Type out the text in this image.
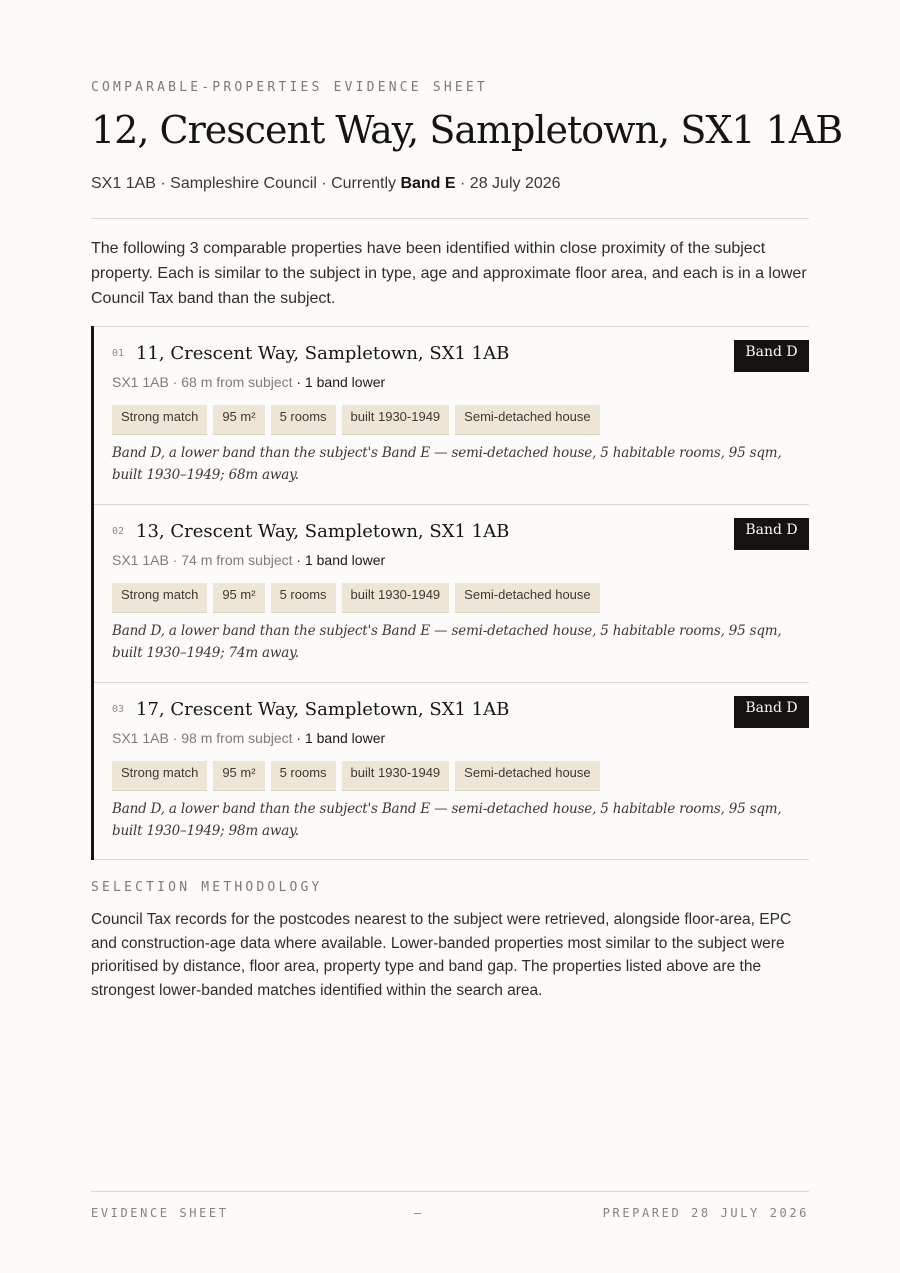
COMPARABLE-PROPERTIES EVIDENCE SHEET
12, Crescent Way, Sampletown, SX1 1AB
SX1 1AB · Sampleshire Council · Currently Band E · 28 July 2026

The following 3 comparable properties have been identified within close proximity of the subject property. Each is similar to the subject in type, age and approximate floor area, and each is in a lower Council Tax band than the subject.

01 11, Crescent Way, Sampletown, SX1 1AB	Band D
SX1 1AB · 68 m from subject · 1 band lower
Strong match	95 m²	5 rooms	built 1930-1949	Semi-detached house

Band D, a lower band than the subject's Band E — semi-detached house, 5 habitable rooms, 95 sqm, built 1930–1949; 68m away.

02 13, Crescent Way, Sampletown, SX1 1AB	Band D
SX1 1AB · 74 m from subject · 1 band lower
Strong match	95 m²	5 rooms	built 1930-1949	Semi-detached house

Band D, a lower band than the subject's Band E — semi-detached house, 5 habitable rooms, 95 sqm, built 1930–1949; 74m away.

03 17, Crescent Way, Sampletown, SX1 1AB	Band D
SX1 1AB · 98 m from subject · 1 band lower
Strong match	95 m²	5 rooms	built 1930-1949	Semi-detached house

Band D, a lower band than the subject's Band E — semi-detached house, 5 habitable rooms, 95 sqm, built 1930–1949; 98m away.

SELECTION METHODOLOGY

Council Tax records for the postcodes nearest to the subject were retrieved, alongside floor-area, EPC and construction-age data where available. Lower-banded properties most similar to the subject were prioritised by distance, floor area, property type and band gap. The properties listed above are the strongest lower-banded matches identified within the search area.

EVIDENCE SHEET	—	PREPARED 28 JULY 2026
